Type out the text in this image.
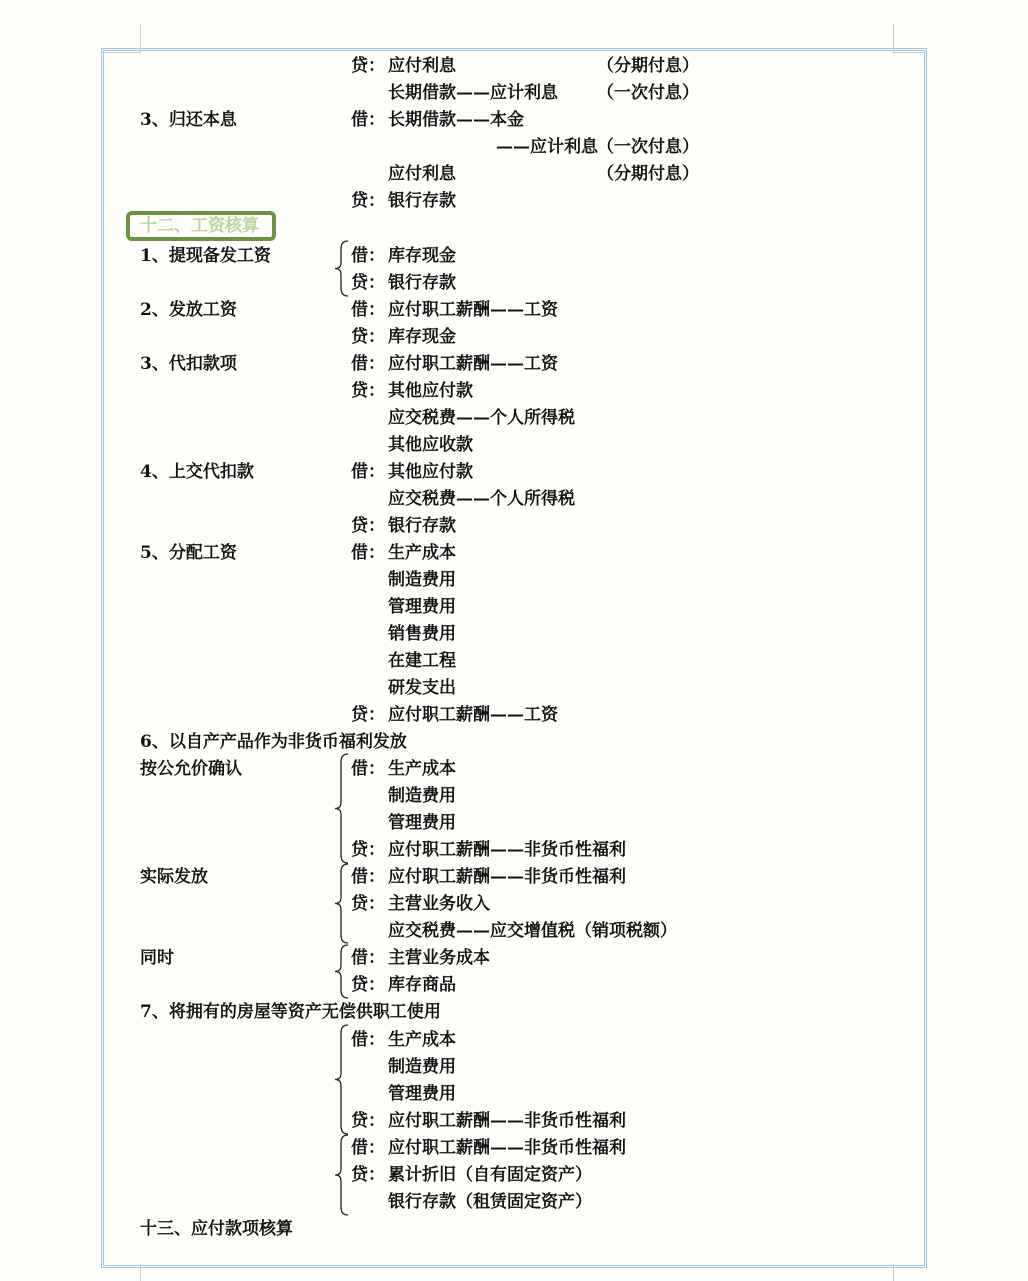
十二、工资核算
贷： 应付利息	（分期付息）
长期借款——应计利息 （一次付息）
3、归还本息	借： 长期借款——本金
——应计利息 （一次付息）
应付利息	（分期付息）
贷： 银行存款
1、提现备发工资	借： 库存现金
贷： 银行存款
2、发放工资	借： 应付职工薪酬——工资
贷： 库存现金
3、代扣款项	借： 应付职工薪酬——工资
贷： 其他应付款
应交税费——个人所得税
其他应收款
4、上交代扣款	借： 其他应付款
应交税费——个人所得税
贷： 银行存款
5、分配工资	借： 生产成本
制造费用
管理费用
销售费用
在建工程
研发支出
贷： 应付职工薪酬——工资
6、以自产产品作为非货币福利发放
按公允价确认	借： 生产成本
制造费用
管理费用
贷： 应付职工薪酬——非货币性福利
实际发放	借： 应付职工薪酬——非货币性福利
贷： 主营业务收入
应交税费——应交增值税（销项税额）
同时	借： 主营业务成本
贷： 库存商品
7、将拥有的房屋等资产无偿供职工使用
借： 生产成本
制造费用
管理费用
贷： 应付职工薪酬——非货币性福利
借： 应付职工薪酬——非货币性福利
贷： 累计折旧（自有固定资产）
银行存款（租赁固定资产）
十三、应付款项核算
